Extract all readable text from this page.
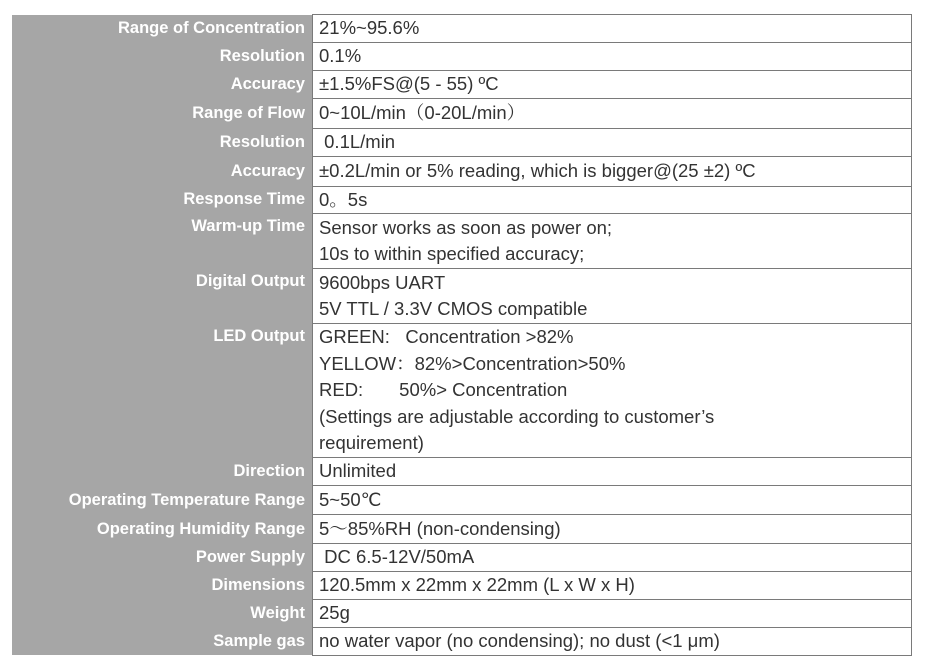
Range of Concentration	21%~95.6%

Resolution	0.1%

Accuracy	±1.5%FS@(5 - 55) ºC

Range of Flow	0~10L/min（0-20L/min）

Resolution	0.1L/min

Accuracy	±0.2L/min or 5% reading, which is bigger@(25 ±2) ºC

Response Time	0。5s

Warm-up Time	Sensor works as soon as power on;
10s to within specified accuracy;

Digital Output	9600bps UART
5V TTL / 3.3V CMOS compatible

LED Output	GREEN:   Concentration >82%
YELLOW：82%>Concentration>50%
RED:       50%> Concentration
(Settings are adjustable according to customer’s
requirement)

Direction	Unlimited

Operating Temperature Range	5~50℃

Operating Humidity Range	5～85%RH (non-condensing)

Power Supply	DC 6.5-12V/50mA

Dimensions	120.5mm x 22mm x 22mm (L x W x H)

Weight	25g

Sample gas	no water vapor (no condensing); no dust (<1 μm)
